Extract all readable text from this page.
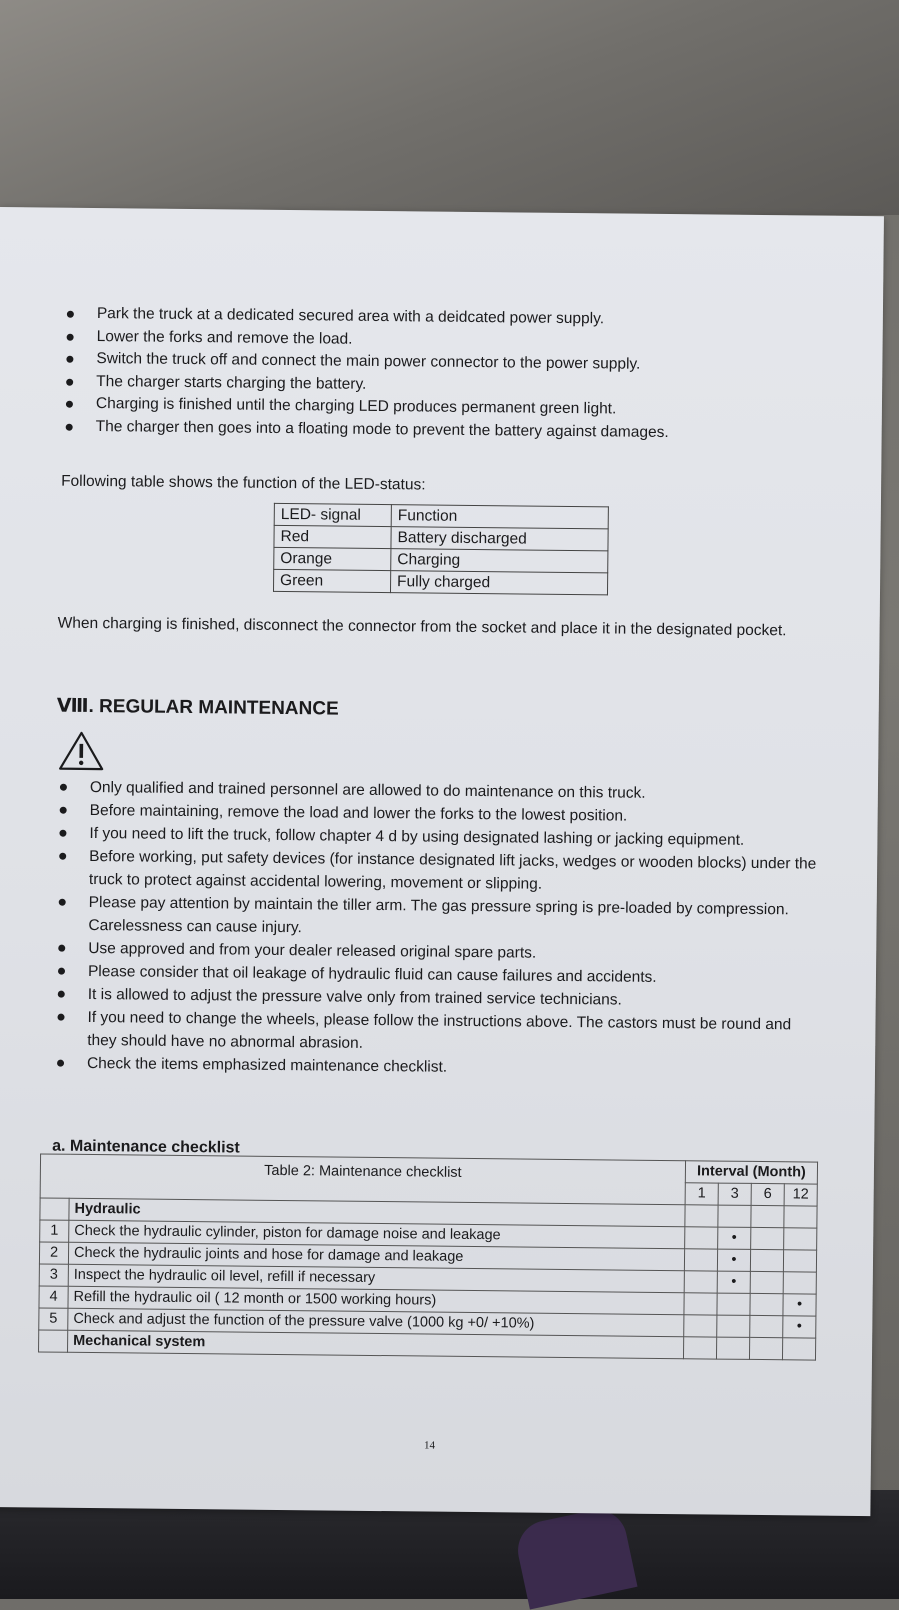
Park the truck at a dedicated secured area with a deidcated power supply.
Lower the forks and remove the load.
Switch the truck off and connect the main power connector to the power supply.
The charger starts charging the battery.
Charging is finished until the charging LED produces permanent green light.
The charger then goes into a floating mode to prevent the battery against damages.

Following table shows the function of the LED-status:

LED- signal	Function
Red	Battery discharged
Orange	Charging
Green	Fully charged

When charging is finished, disconnect the connector from the socket and place it in the designated pocket.

Ⅷ. REGULAR MAINTENANCE
Only qualified and trained personnel are allowed to do maintenance on this truck.
Before maintaining, remove the load and lower the forks to the lowest position.
If you need to lift the truck, follow chapter 4 d by using designated lashing or jacking equipment.
Before working, put safety devices (for instance designated lift jacks, wedges or wooden blocks) under the truck to protect against accidental lowering, movement or slipping.
Please pay attention by maintain the tiller arm. The gas pressure spring is pre-loaded by compression. Carelessness can cause injury.
Use approved and from your dealer released original spare parts.
Please consider that oil leakage of hydraulic fluid can cause failures and accidents.
It is allowed to adjust the pressure valve only from trained service technicians.
If you need to change the wheels, please follow the instructions above. The castors must be round and they should have no abnormal abrasion.
Check the items emphasized maintenance checklist.
a. Maintenance checklist
Table 2: Maintenance checklist		Interval (Month)			
		1	3	6	12
	Hydraulic				
1	Check the hydraulic cylinder, piston for damage noise and leakage		•		
2	Check the hydraulic joints and hose for damage and leakage		•		
3	Inspect the hydraulic oil level, refill if necessary		•		
4	Refill the hydraulic oil ( 12 month or 1500 working hours)				•
5	Check and adjust the function of the pressure valve (1000 kg +0/ +10%)				•
	Mechanical system				

14
